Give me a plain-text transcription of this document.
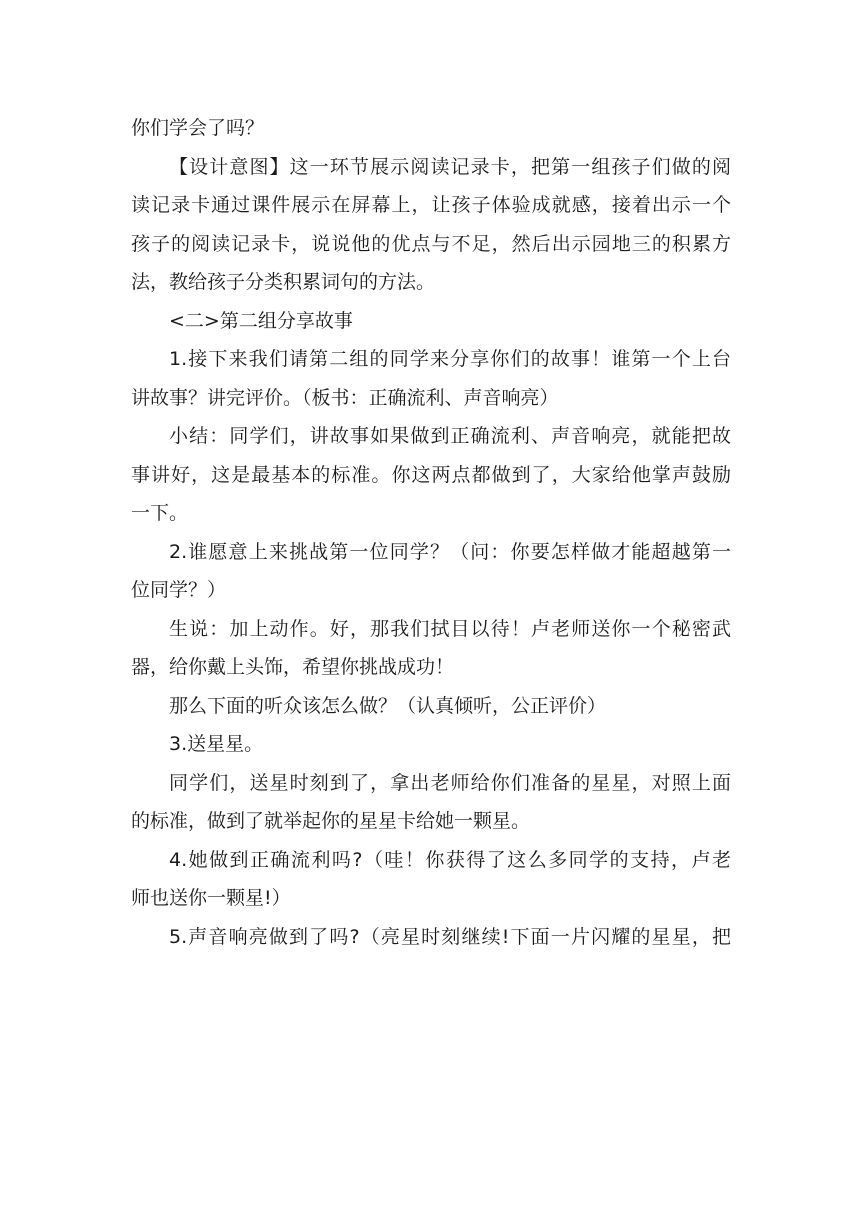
你们学会了吗？
【设计意图】这一环节展示阅读记录卡，把第一组孩子们做的阅
读记录卡通过课件展示在屏幕上，让孩子体验成就感，接着出示一个
孩子的阅读记录卡，说说他的优点与不足，然后出示园地三的积累方
法，教给孩子分类积累词句的方法。
<二>第二组分享故事
1.接下来我们请第二组的同学来分享你们的故事！谁第一个上台
讲故事？讲完评价。（板书：正确流利、声音响亮）
小结：同学们，讲故事如果做到正确流利、声音响亮，就能把故
事讲好，这是最基本的标准。你这两点都做到了，大家给他掌声鼓励
一下。
2.谁愿意上来挑战第一位同学？（问：你要怎样做才能超越第一
位同学？）
生说：加上动作。好，那我们拭目以待！卢老师送你一个秘密武
器，给你戴上头饰，希望你挑战成功！
那么下面的听众该怎么做？（认真倾听，公正评价）
3.送星星。
同学们，送星时刻到了，拿出老师给你们准备的星星，对照上面
的标准，做到了就举起你的星星卡给她一颗星。
4.她做到正确流利吗?（哇！你获得了这么多同学的支持，卢老
师也送你一颗星!）
5.声音响亮做到了吗?（亮星时刻继续!下面一片闪耀的星星，把
